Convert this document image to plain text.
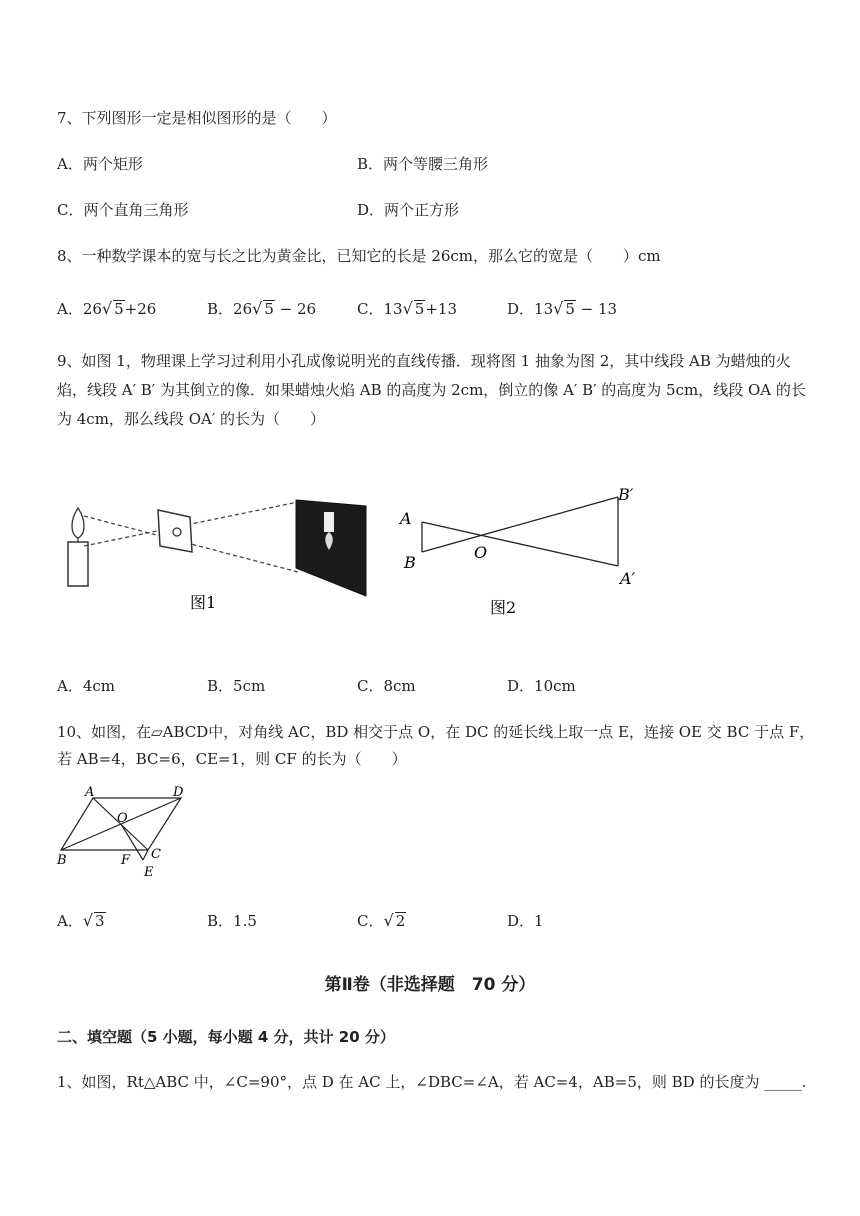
7、下列图形一定是相似图形的是（　　）
A．两个矩形	B．两个等腰三角形
C．两个直角三角形	D．两个正方形
8、一种数学课本的宽与长之比为黄金比，已知它的长是 26cm，那么它的宽是（　　）cm
A．26√ 5+26	B．26√ 5 − 26	C．13√ 5+13	D．13√ 5 − 13
9、如图 1，物理课上学习过利用小孔成像说明光的直线传播．现将图 1 抽象为图 2，其中线段 AB 为蜡烛的火焰，线段 A′ B′ 为其倒立的像．如果蜡烛火焰 AB 的高度为 2cm，倒立的像 A′ B′ 的高度为 5cm，线段 OA 的长为 4cm，那么线段 OA′ 的长为（　　）
图1
A
B
O
B′
A′
图2
A．4cm	B．5cm	C．8cm	D．10cm
10、如图，在▱ABCD中，对角线 AC，BD 相交于点 O，在 DC 的延长线上取一点 E，连接 OE 交 BC 于点 F，
若 AB=4，BC=6，CE=1，则 CF 的长为（　　）
A	D
O
B	F C
E
A．√ 3	B．1.5	C．√ 2	D．1
第Ⅱ卷（非选择题　70 分）
二、填空题（5 小题，每小题 4 分，共计 20 分）
1、如图，Rt△ABC 中，∠C=90°，点 D 在 AC 上，∠DBC=∠A，若 AC=4，AB=5，则 BD 的长度为 _____.
